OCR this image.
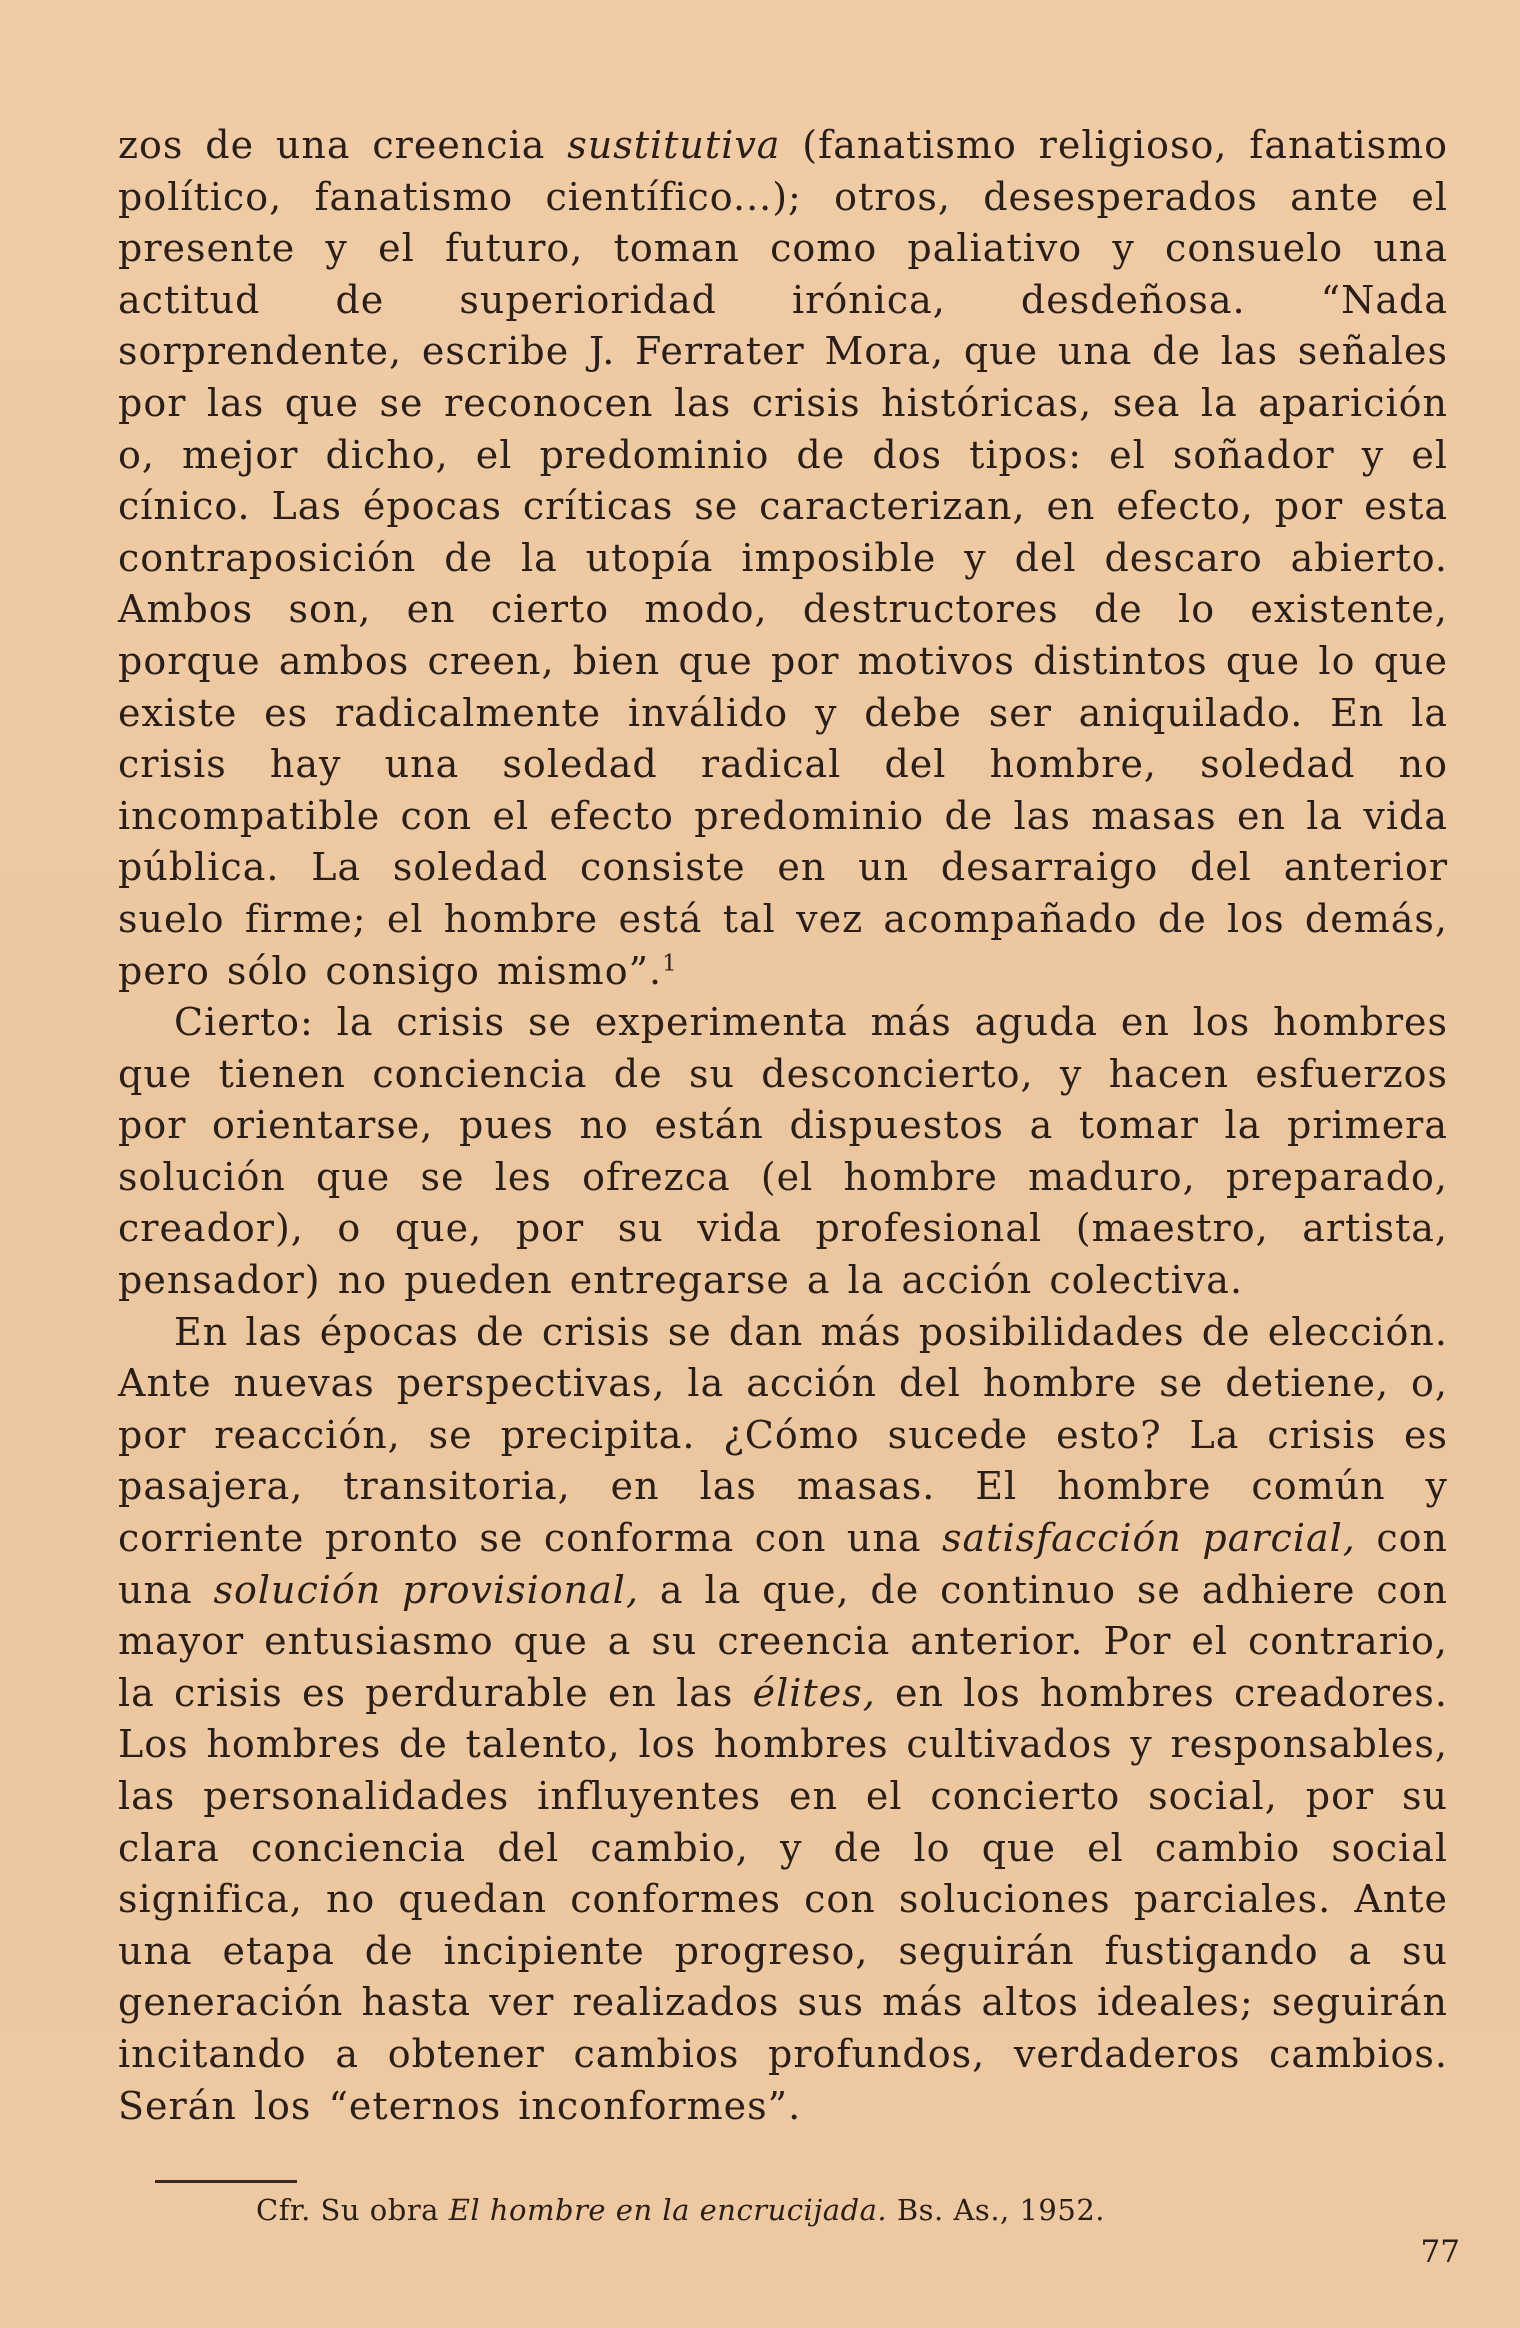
zos de una creencia sustitutiva (fanatismo religioso, fanatismo político, fanatismo científico...); otros, desesperados ante el presente y el futuro, toman como paliativo y consuelo una actitud de superioridad irónica, desdeñosa. “Nada sorprendente, escribe J. Ferrater Mora, que una de las señales por las que se reconocen las crisis históricas, sea la aparición o, mejor dicho, el predominio de dos tipos: el soñador y el cínico. Las épocas críticas se caracterizan, en efecto, por esta contraposición de la utopía imposible y del descaro abierto. Ambos son, en cierto modo, destructores de lo existente, porque ambos creen, bien que por motivos distintos que lo que existe es radicalmente inválido y debe ser aniquilado. En la crisis hay una soledad radical del hombre, soledad no incompatible con el efecto predominio de las masas en la vida pública. La soledad consiste en un desarraigo del anterior suelo firme; el hombre está tal vez acompañado de los demás, pero sólo consigo mismo”.$^1$

Cierto: la crisis se experimenta más aguda en los hombres que tienen conciencia de su desconcierto, y hacen esfuerzos por orientarse, pues no están dispuestos a tomar la primera solución que se les ofrezca (el hombre maduro, preparado, creador), o que, por su vida profesional (maestro, artista, pensador) no pueden entregarse a la acción colectiva.

En las épocas de crisis se dan más posibilidades de elección. Ante nuevas perspectivas, la acción del hombre se detiene, o, por reacción, se precipita. ¿Cómo sucede esto? La crisis es pasajera, transitoria, en las masas. El hombre común y corriente pronto se conforma con una satisfacción parcial, con una solución provisional, a la que, de continuo se adhiere con mayor entusiasmo que a su creencia anterior. Por el contrario, la crisis es perdurable en las élites, en los hombres creadores. Los hombres de talento, los hombres cultivados y responsables, las personalidades influyentes en el concierto social, por su clara conciencia del cambio, y de lo que el cambio social significa, no quedan conformes con soluciones parciales. Ante una etapa de incipiente progreso, seguirán fustigando a su generación hasta ver realizados sus más altos ideales; seguirán incitando a obtener cambios profundos, verdaderos cambios. Serán los “eternos inconformes”.

Cfr. Su obra El hombre en la encrucijada. Bs. As., 1952.
77
